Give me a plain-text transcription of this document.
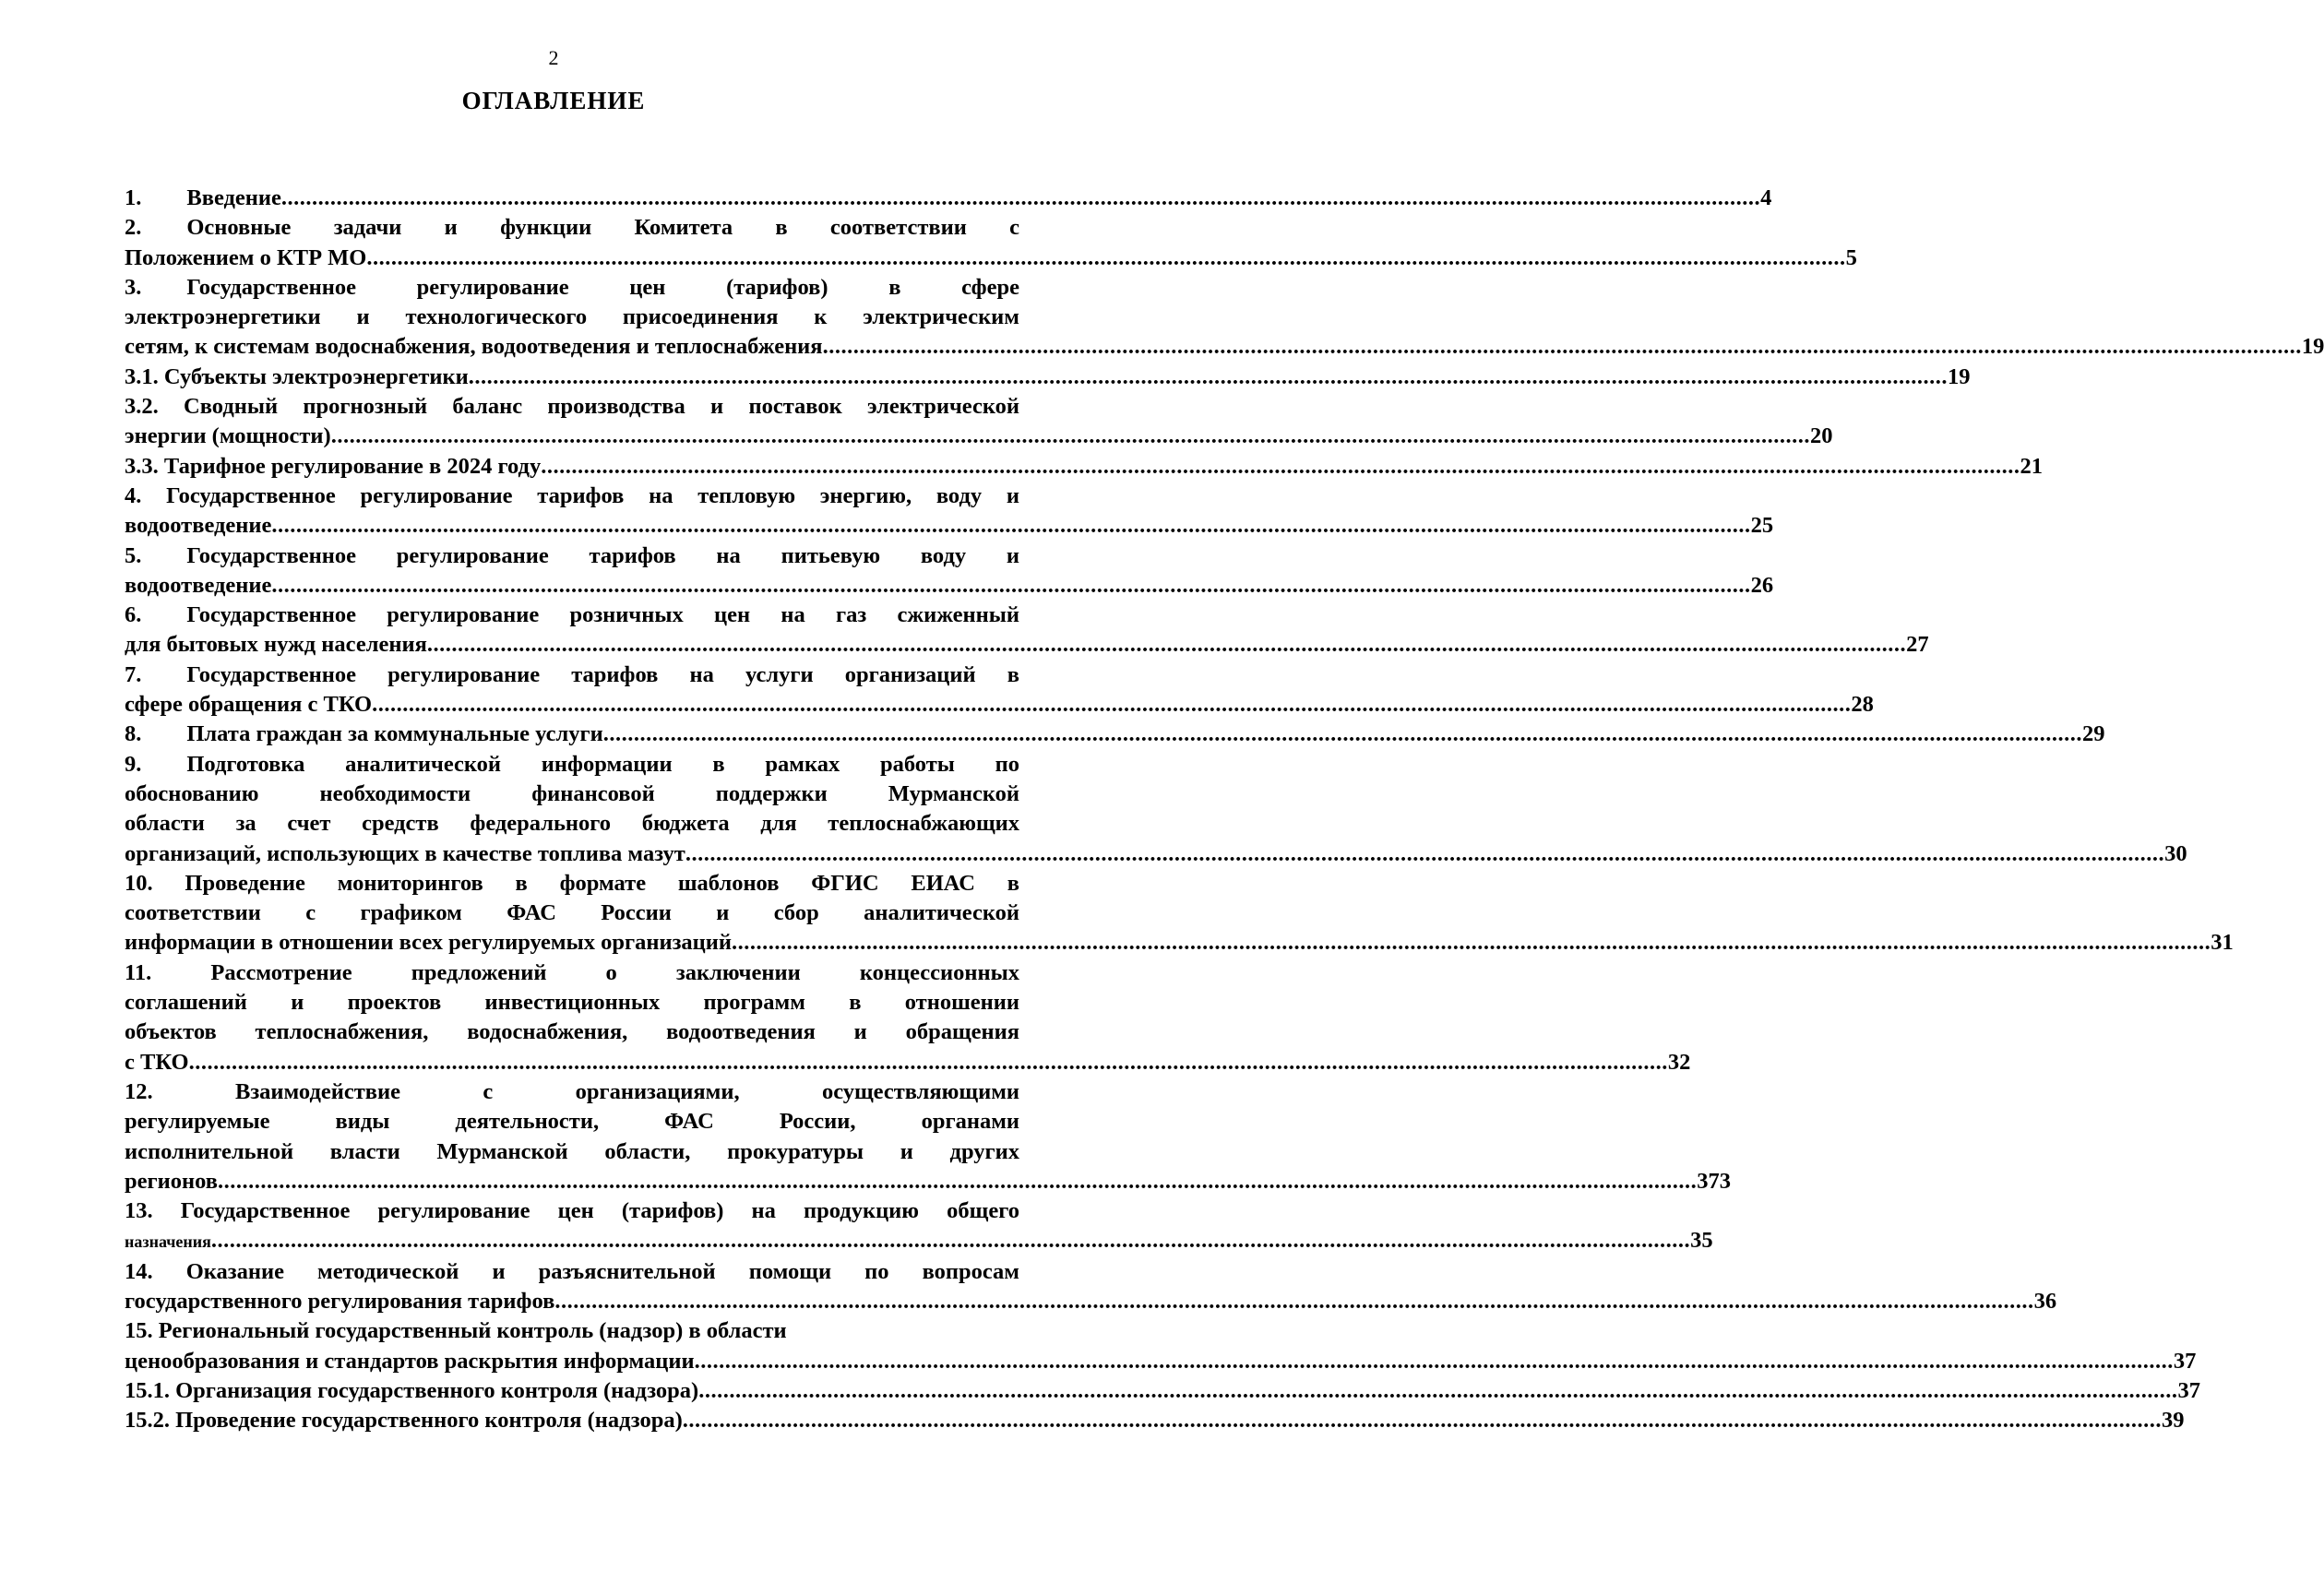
2
ОГЛАВЛЕНИЕ
1.  Введение .................................................................................................................................................................................................................................................. 4
2.  Основные задачи и функции Комитета в соответствии с
Положением о КТР МО .................................................................................................................................................................................................................................................. 5
3.  Государственное регулирование цен (тарифов) в сфере
электроэнергетики и технологического присоединения к электрическим
сетям, к системам водоснабжения, водоотведения и теплоснабжения .................................................................................................................................................................................................................................................. 19
3.1. Субъекты электроэнергетики .................................................................................................................................................................................................................................................. 19
3.2. Сводный прогнозный баланс производства и поставок электрической
энергии (мощности) .................................................................................................................................................................................................................................................. 20
3.3. Тарифное регулирование в 2024 году .................................................................................................................................................................................................................................................. 21
4. Государственное регулирование тарифов на тепловую энергию, воду и
водоотведение .................................................................................................................................................................................................................................................. 25
5.  Государственное регулирование тарифов на питьевую воду и
водоотведение .................................................................................................................................................................................................................................................. 26
6.  Государственное регулирование розничных цен на газ сжиженный
для бытовых нужд населения .................................................................................................................................................................................................................................................. 27
7.  Государственное регулирование тарифов на услуги организаций в
сфере обращения с ТКО .................................................................................................................................................................................................................................................. 28
8.  Плата граждан за коммунальные услуги .................................................................................................................................................................................................................................................. 29
9.  Подготовка аналитической информации в рамках работы по
обоснованию необходимости финансовой поддержки Мурманской
области за счет средств федерального бюджета для теплоснабжающих
организаций, использующих в качестве топлива мазут .................................................................................................................................................................................................................................................. 30
10. Проведение мониторингов в формате шаблонов ФГИС ЕИАС в
соответствии с графиком ФАС России и сбор аналитической
информации в отношении всех регулируемых организаций .................................................................................................................................................................................................................................................. 31
11. Рассмотрение предложений о заключении концессионных
соглашений и проектов инвестиционных программ в отношении
объектов теплоснабжения, водоснабжения, водоотведения и обращения
с ТКО .................................................................................................................................................................................................................................................. 32
12. Взаимодействие с организациями, осуществляющими
регулируемые виды деятельности, ФАС России, органами
исполнительной власти Мурманской области, прокуратуры и других
регионов .................................................................................................................................................................................................................................................. 373
13. Государственное регулирование цен (тарифов) на продукцию общего
назначения .................................................................................................................................................................................................................................................. 35
14. Оказание методической и разъяснительной помощи по вопросам
государственного регулирования тарифов .................................................................................................................................................................................................................................................. 36
15. Региональный государственный контроль (надзор) в области
ценообразования и стандартов раскрытия информации .................................................................................................................................................................................................................................................. 37
15.1. Организация государственного контроля (надзора) .................................................................................................................................................................................................................................................. 37
15.2. Проведение государственного контроля (надзора) .................................................................................................................................................................................................................................................. 39
